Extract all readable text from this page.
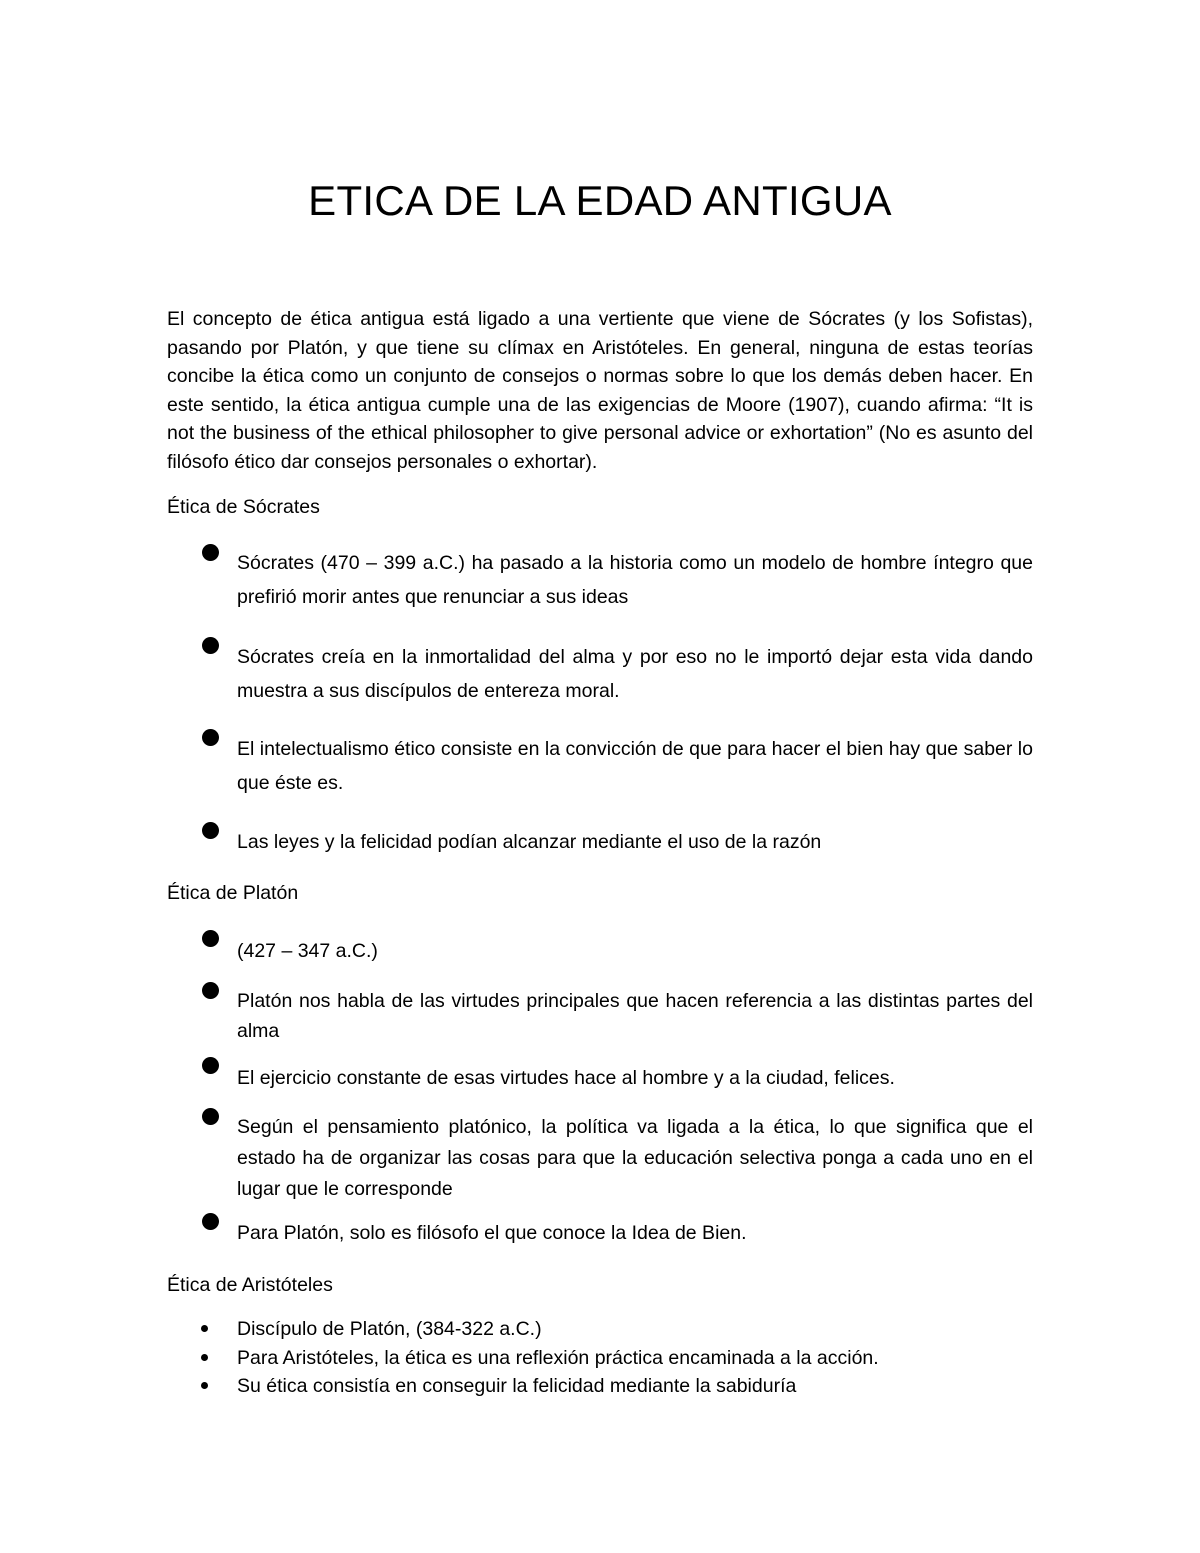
ETICA DE LA EDAD ANTIGUA

El concepto de ética antigua está ligado a una vertiente que viene de Sócrates (y los Sofistas), pasando por Platón, y que tiene su clímax en Aristóteles. En general, ninguna de estas teorías concibe la ética como un conjunto de consejos o normas sobre lo que los demás deben hacer. En este sentido, la ética antigua cumple una de las exigencias de Moore (1907), cuando afirma: “It is not the business of the ethical philosopher to give personal advice or exhortation” (No es asunto del filósofo ético dar consejos personales o exhortar).

Ética de Sócrates
Sócrates (470 – 399 a.C.) ha pasado a la historia como un modelo de hombre íntegro que prefirió morir antes que renunciar a sus ideas
Sócrates creía en la inmortalidad del alma y por eso no le importó dejar esta vida dando muestra a sus discípulos de entereza moral.
El intelectualismo ético consiste en la convicción de que para hacer el bien hay que saber lo que éste es.
Las leyes y la felicidad podían alcanzar mediante el uso de la razón
Ética de Platón
(427 – 347 a.C.)
Platón nos habla de las virtudes principales que hacen referencia a las distintas partes del alma
El ejercicio constante de esas virtudes hace al hombre y a la ciudad, felices.
Según el pensamiento platónico, la política va ligada a la ética, lo que significa que el estado ha de organizar las cosas para que la educación selectiva ponga a cada uno en el lugar que le corresponde
Para Platón, solo es filósofo el que conoce la Idea de Bien.
Ética de Aristóteles
Discípulo de Platón, (384-322 a.C.)
Para Aristóteles, la ética es una reflexión práctica encaminada a la acción.
Su ética consistía en conseguir la felicidad mediante la sabiduría
